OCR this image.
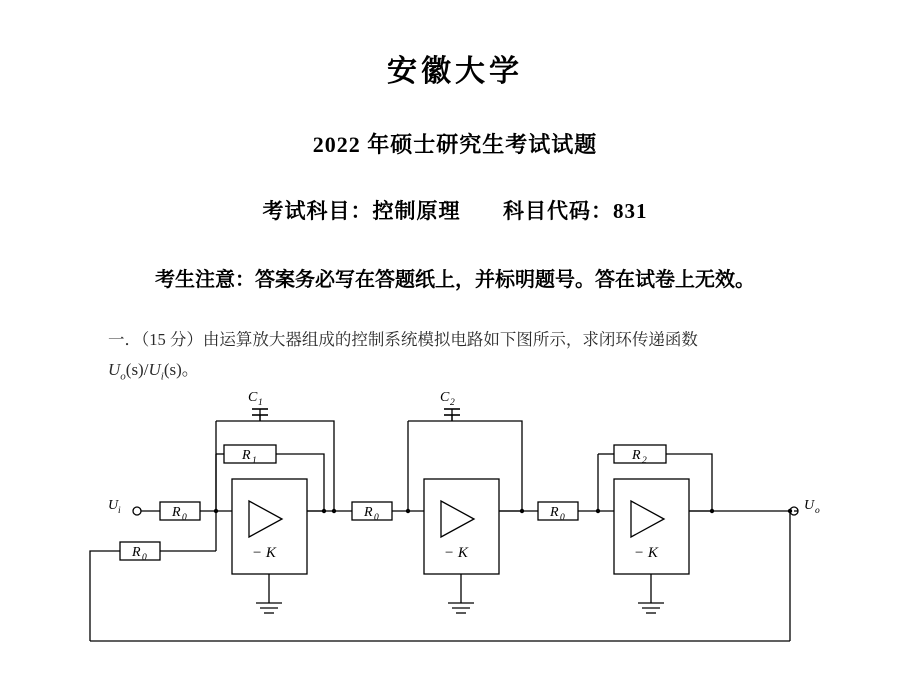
安徽大学
2022 年硕士研究生考试试题
考试科目：控制原理 科目代码：831
考生注意：答案务必写在答题纸上，并标明题号。答在试卷上无效。
一．（15 分）由运算放大器组成的控制系统模拟电路如下图所示，求闭环传递函数
$U_o(s)/U_i(s)$。
U i	U o
R 0
R 0
R 0	R 0
R 1	R 2
C 1	C 2
− K	− K	− K
